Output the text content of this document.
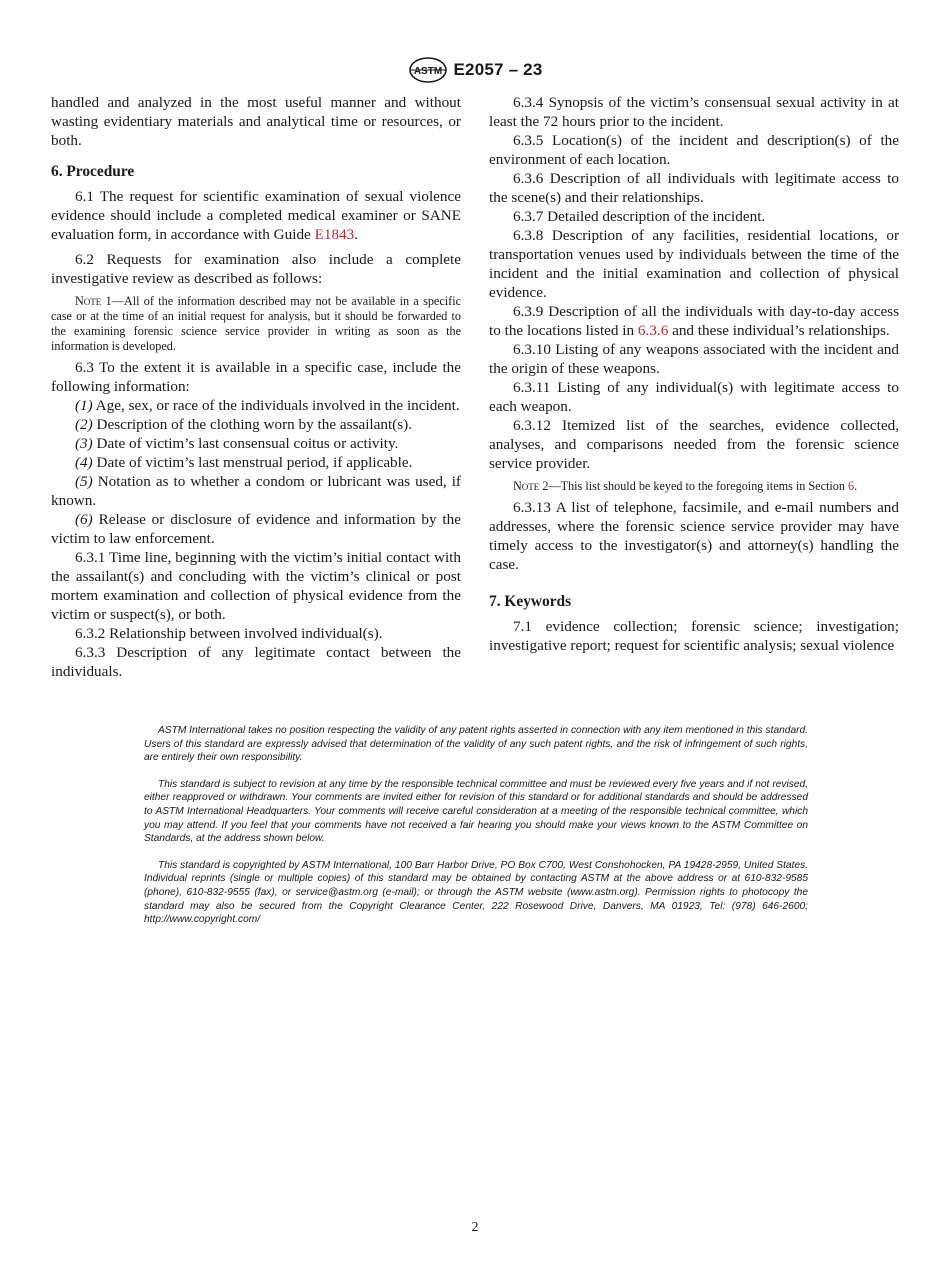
ASTM E2057 – 23

handled and analyzed in the most useful manner and without wasting evidentiary materials and analytical time or resources, or both.

6. Procedure

6.1 The request for scientific examination of sexual violence evidence should include a completed medical examiner or SANE evaluation form, in accordance with Guide E1843.

6.2 Requests for examination also include a complete investigative review as described as follows:

Note 1—All of the information described may not be available in a specific case or at the time of an initial request for analysis, but it should be forwarded to the examining forensic science service provider in writing as soon as the information is developed.

6.3 To the extent it is available in a specific case, include the following information:

(1) Age, sex, or race of the individuals involved in the incident.

(2) Description of the clothing worn by the assailant(s).

(3) Date of victim’s last consensual coitus or activity.

(4) Date of victim’s last menstrual period, if applicable.

(5) Notation as to whether a condom or lubricant was used, if known.

(6) Release or disclosure of evidence and information by the victim to law enforcement.

6.3.1 Time line, beginning with the victim’s initial contact with the assailant(s) and concluding with the victim’s clinical or post mortem examination and collection of physical evidence from the victim or suspect(s), or both.

6.3.2 Relationship between involved individual(s).

6.3.3 Description of any legitimate contact between the individuals.

6.3.4 Synopsis of the victim’s consensual sexual activity in at least the 72 hours prior to the incident.

6.3.5 Location(s) of the incident and description(s) of the environment of each location.

6.3.6 Description of all individuals with legitimate access to the scene(s) and their relationships.

6.3.7 Detailed description of the incident.

6.3.8 Description of any facilities, residential locations, or transportation venues used by individuals between the time of the incident and the initial examination and collection of physical evidence.

6.3.9 Description of all the individuals with day-to-day access to the locations listed in 6.3.6 and these individual’s relationships.

6.3.10 Listing of any weapons associated with the incident and the origin of these weapons.

6.3.11 Listing of any individual(s) with legitimate access to each weapon.

6.3.12 Itemized list of the searches, evidence collected, analyses, and comparisons needed from the forensic science service provider.

Note 2—This list should be keyed to the foregoing items in Section 6.

6.3.13 A list of telephone, facsimile, and e-mail numbers and addresses, where the forensic science service provider may have timely access to the investigator(s) and attorney(s) handling the case.

7. Keywords

7.1 evidence collection; forensic science; investigation; investigative report; request for scientific analysis; sexual violence

ASTM International takes no position respecting the validity of any patent rights asserted in connection with any item mentioned in this standard. Users of this standard are expressly advised that determination of the validity of any such patent rights, and the risk of infringement of such rights, are entirely their own responsibility.

This standard is subject to revision at any time by the responsible technical committee and must be reviewed every five years and if not revised, either reapproved or withdrawn. Your comments are invited either for revision of this standard or for additional standards and should be addressed to ASTM International Headquarters. Your comments will receive careful consideration at a meeting of the responsible technical committee, which you may attend. If you feel that your comments have not received a fair hearing you should make your views known to the ASTM Committee on Standards, at the address shown below.

This standard is copyrighted by ASTM International, 100 Barr Harbor Drive, PO Box C700, West Conshohocken, PA 19428-2959, United States. Individual reprints (single or multiple copies) of this standard may be obtained by contacting ASTM at the above address or at 610-832-9585 (phone), 610-832-9555 (fax), or service@astm.org (e-mail); or through the ASTM website (www.astm.org). Permission rights to photocopy the standard may also be secured from the Copyright Clearance Center, 222 Rosewood Drive, Danvers, MA 01923, Tel: (978) 646-2600; http://www.copyright.com/

2
